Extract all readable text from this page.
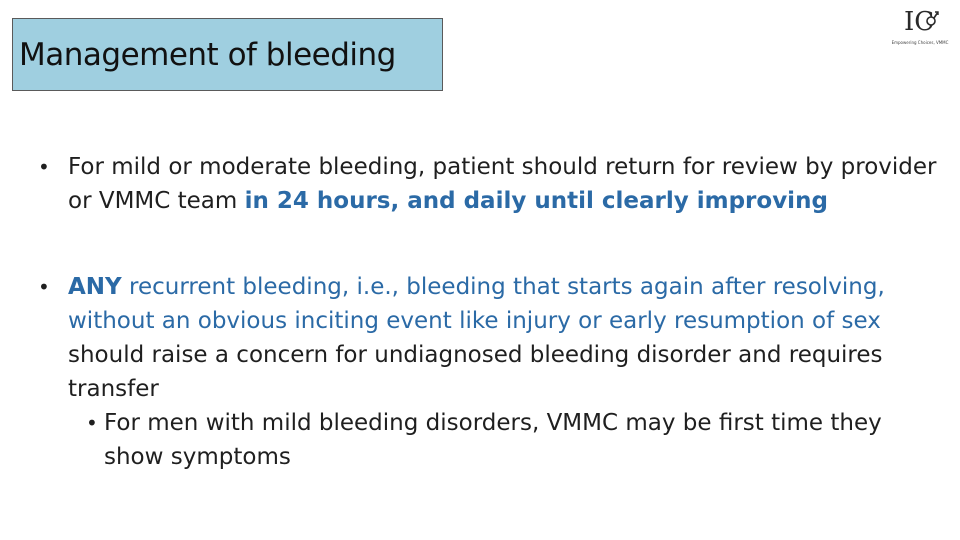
Management of bleeding
IC
Empowering Choices, VMMC
• For mild or moderate bleeding, patient should return for review by provider or VMMC team in 24 hours, and daily until clearly improving
• ANY recurrent bleeding, i.e., bleeding that starts again after resolving, without an obvious inciting event like injury or early resumption of sex should raise a concern for undiagnosed bleeding disorder and requires transfer
• For men with mild bleeding disorders, VMMC may be first time they show symptoms
